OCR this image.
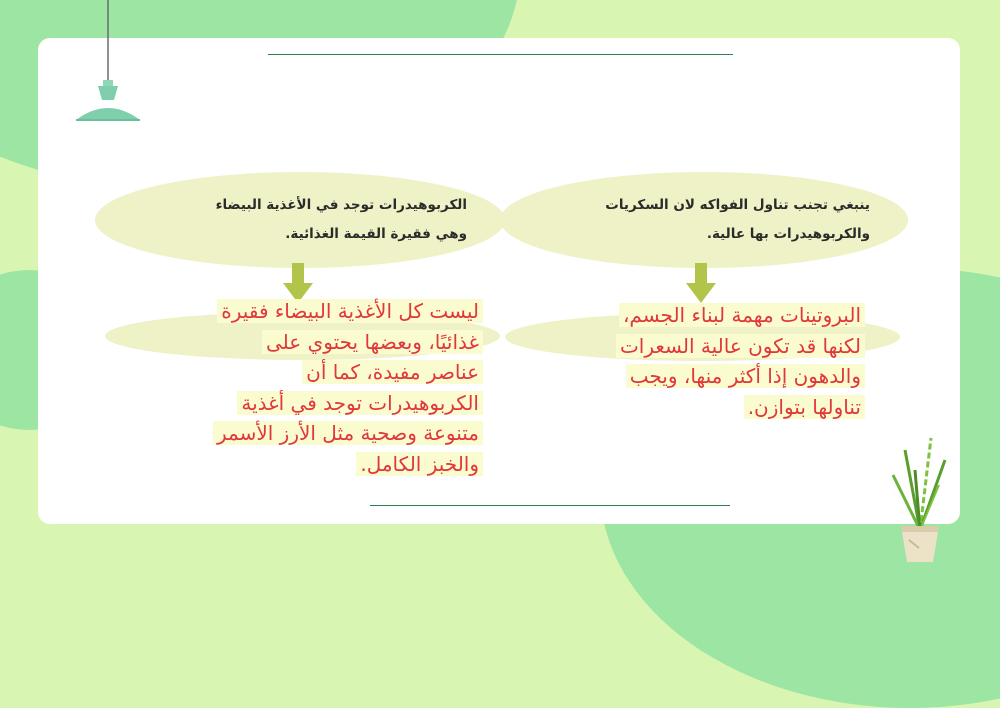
الكربوهيدرات توجد في الأغذية البيضاء
وهي فقيرة القيمة الغذائية.
ينبغي تجنب تناول الفواكه لان السكريات
والكربوهيدرات بها عالية.
ليست كل الأغذية البيضاء فقيرة
غذائيًا، وبعضها يحتوي على
عناصر مفيدة، كما أن
الكربوهيدرات توجد في أغذية
متنوعة وصحية مثل الأرز الأسمر
والخبز الكامل.
البروتينات مهمة لبناء الجسم،
لكنها قد تكون عالية السعرات
والدهون إذا أكثر منها، ويجب
تناولها بتوازن.
